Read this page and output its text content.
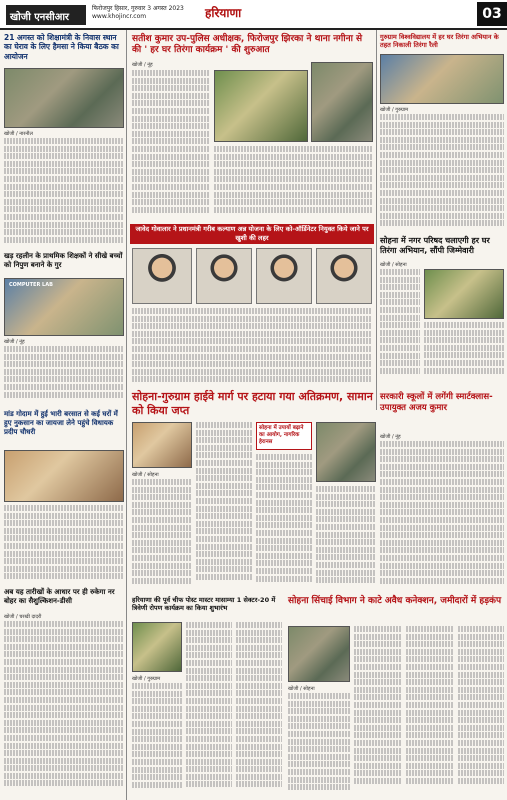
खोजी एनसीआर
फिरोजपुर हिसार, गुरुवार 3 अगस्त 2023
www.khojincr.com	हरियाणा	03
21 अगस्त को शिक्षामंत्री के निवास स्थान का घेराव के लिए हैमसा ने किया बैठक का आयोजन
खोजी / नारनौल
खड़ रहलीन के प्राथमिक शिक्षकों ने सीखे बच्चों को निपुण बनाने के गुर
COMPUTER LAB
खोजी / नूंह
मांड गोदाम में हुई भारी बरसात से कई घरों में हुए नुकसान का जायजा लेने पहुंचे विधायक प्रदीप चौधरी
अब यह तारीखों के आधार पर ही रुकेगा नर बोहर का सैशुल्किशन-डीसी
खोजी / चरखी दादरी
सतीश कुमार उप-पुलिस अधीक्षक, फिरोजपुर झिरका ने थाना नगीना से की ' हर घर तिरंगा कार्यक्रम ' की शुरुआत
खोजी / नूंह
जावेद गोवालार ने प्रधानमंत्री गरीब कल्याण अन्न योजना के लिए को-ऑर्डिनेटर नियुक्त किये जाने पर खुशी की लहर
गुरुग्राम विश्वविद्यालय में हर घर तिरंगा अभियान के तहत निकाली तिरंगा रैली
खोजी / गुरुग्राम
सोहना में नगर परिषद चलाएगी हर घर तिरंगा अभियान, सौंपी जिम्मेवारी
खोजी / सोहना
सोहना-गुरुग्राम हाईवे मार्ग पर हटाया गया अतिक्रमण, सामान को किया जप्त
खोजी / सोहना
सोहना में उपायों बढ़ाने का आयोग, नागरिक हेरानस
सरकारी स्कूलों में लगेंगी स्मार्टक्लास-उपायुक्त अजय कुमार
खोजी / नूंह
हरियाणा की पूर्व चीफ पोस्ट मास्टर मासाम्या 1 सेक्टर-20 में त्रिवेणी रोपण कार्यक्रम का किया शुभारंभ
खोजी / गुरुग्राम
सोहना सिंचाई विभाग ने काटे अवैध कनेक्शन, जमीदारों में हड़कंप
खोजी / सोहना
